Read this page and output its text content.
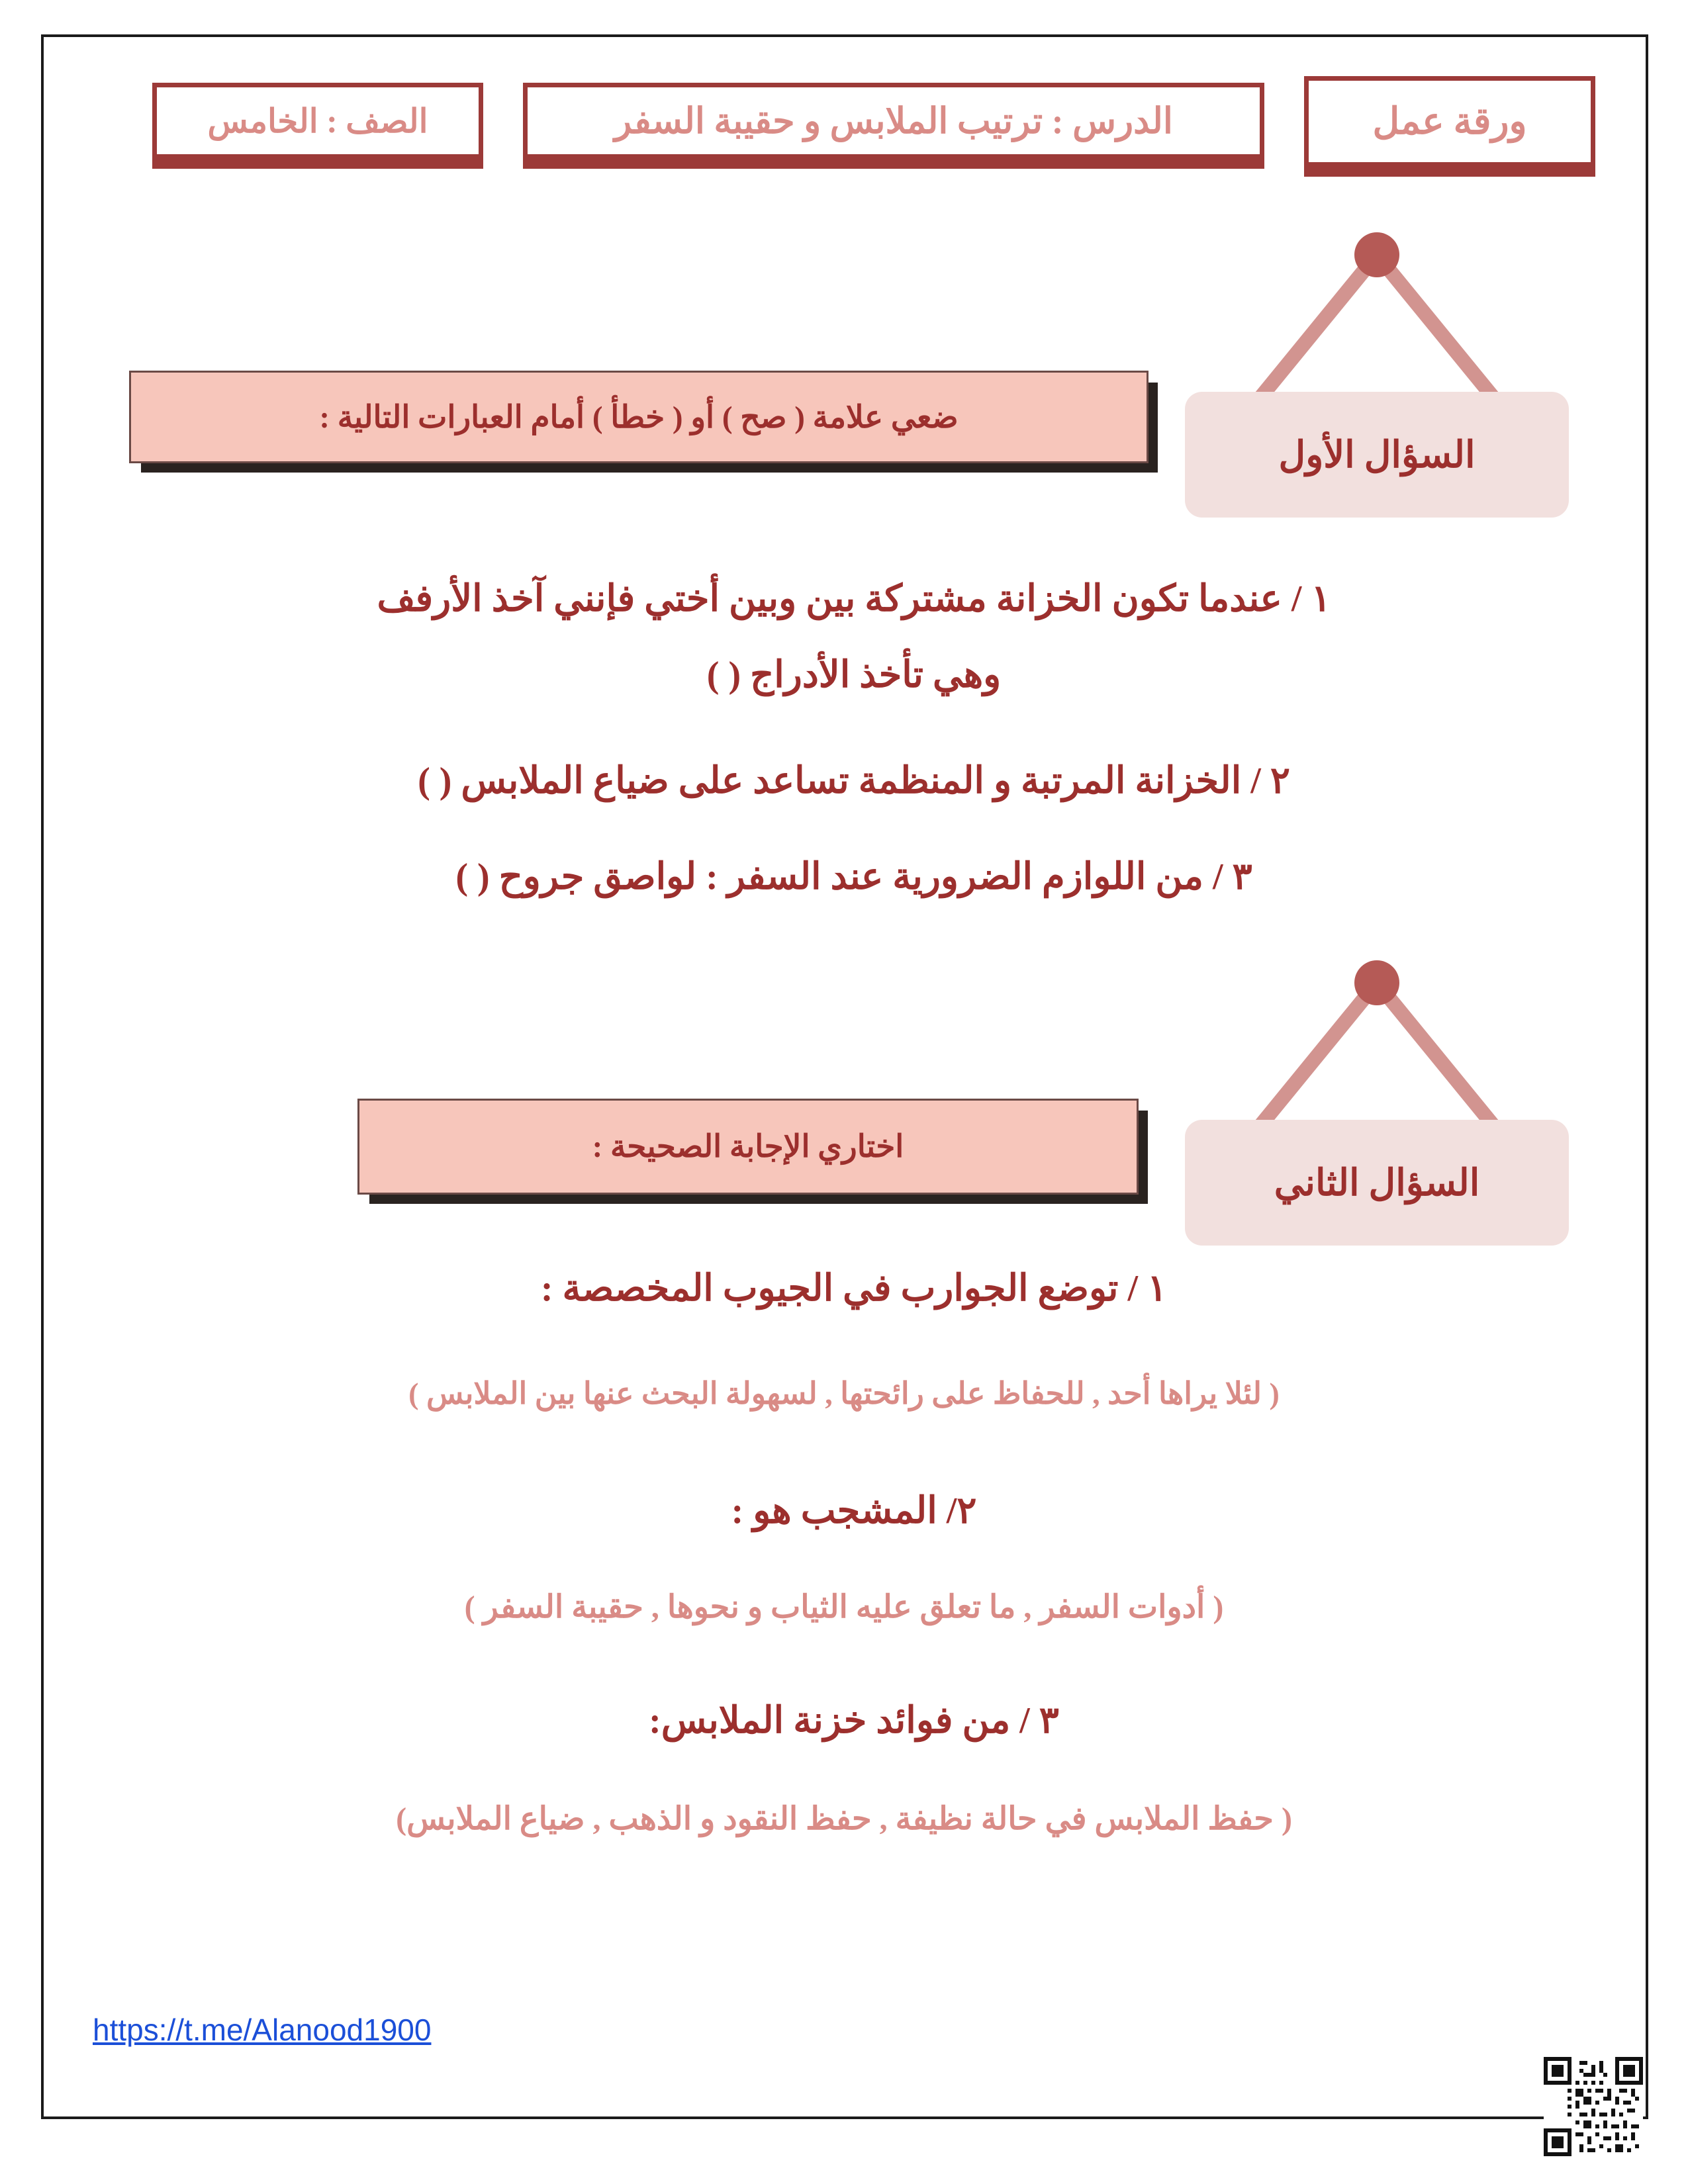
ورقة عمل
الدرس : ترتيب الملابس و حقيبة السفر
الصف : الخامس
السؤال الأول
ضعي علامة ( صح ) أو ( خطأ ) أمام العبارات التالية :
١ / عندما تكون الخزانة مشتركة بين وبين أختي فإنني آخذ الأرفف
وهي تأخذ الأدراج ( )
٢ / الخزانة المرتبة و المنظمة تساعد على ضياع الملابس ( )
٣ / من اللوازم الضرورية عند السفر : لواصق جروح ( )
السؤال الثاني
اختاري الإجابة الصحيحة :
١ / توضع الجوارب في الجيوب المخصصة :
( لئلا يراها أحد , للحفاظ على رائحتها , لسهولة البحث عنها بين الملابس )
٢/ المشجب هو :
( أدوات السفر , ما تعلق عليه الثياب و نحوها , حقيبة السفر )
٣ / من فوائد خزنة الملابس:
( حفظ الملابس في حالة نظيفة , حفظ النقود و الذهب , ضياع الملابس)
https://t.me/Alanood1900
